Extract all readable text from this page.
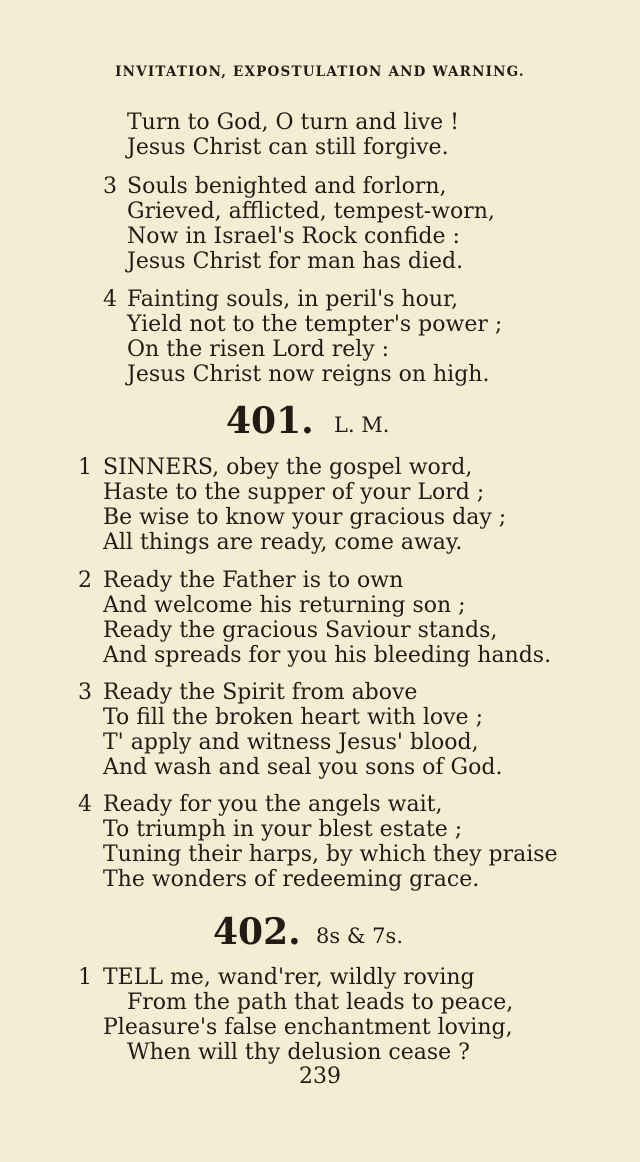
INVITATION, EXPOSTULATION AND WARNING.
Turn to God, O turn and live !
Jesus Christ can still forgive.
3 Souls benighted and forlorn,
Grieved, afflicted, tempest-worn,
Now in Israel's Rock confide :
Jesus Christ for man has died.
4 Fainting souls, in peril's hour,
Yield not to the tempter's power ;
On the risen Lord rely :
Jesus Christ now reigns on high.
401. L. M.
1 SINNERS, obey the gospel word,
Haste to the supper of your Lord ;
Be wise to know your gracious day ;
All things are ready, come away.
2 Ready the Father is to own
And welcome his returning son ;
Ready the gracious Saviour stands,
And spreads for you his bleeding hands.
3 Ready the Spirit from above
To fill the broken heart with love ;
T' apply and witness Jesus' blood,
And wash and seal you sons of God.
4 Ready for you the angels wait,
To triumph in your blest estate ;
Tuning their harps, by which they praise
The wonders of redeeming grace.
402. 8s & 7s.
1 TELL me, wand'rer, wildly roving
From the path that leads to peace,
Pleasure's false enchantment loving,
When will thy delusion cease ?
239
